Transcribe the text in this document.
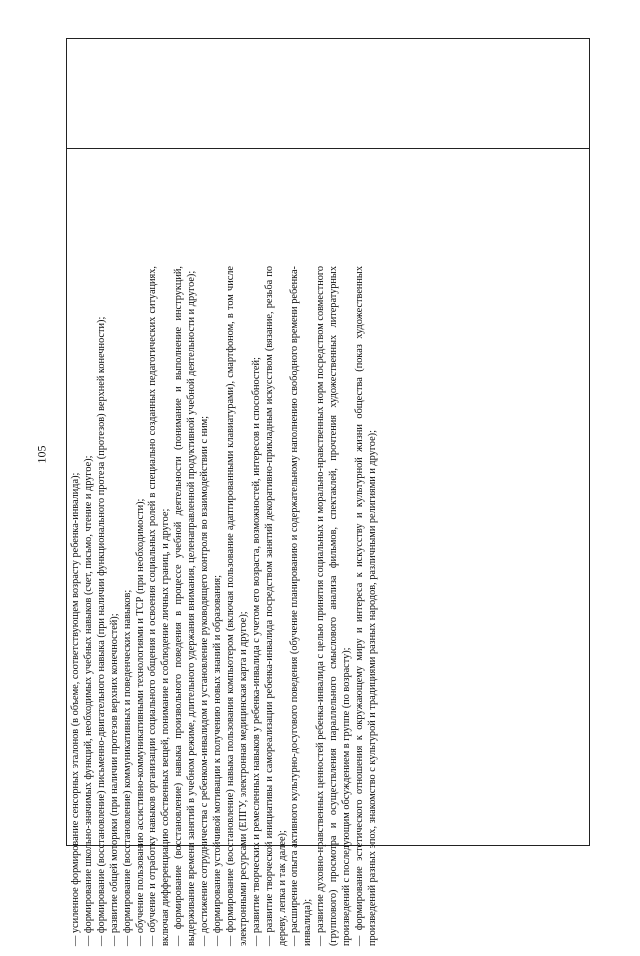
105

— усиленное формирование сенсорных эталонов (в объеме, соответствующем возрасту ребенка-инвалида); — формирование школьно-значимых функций, необходимых учебных навыков (счет, письмо, чтение и другое); — формирование (восстановление) письменно-двигательного навыка (при наличии функционального протеза (протезов) верхней конечности); — развитие общей моторики (при наличии протезов верхних конечностей); — формирование (восстановление) коммуникативных и поведенческих навыков; — обучение пользованию ассистивно-коммуникативными технологиями и ТСР (при необходимости); — обучение и отработку навыков организации социального общения и освоения социальных ролей в специально созданных педагогических ситуациях, включая дифференциацию собственных вещей, понимание и соблюдение личных границ, и другое; — формирование (восстановление) навыка произвольного поведения в процессе учебной деятельности (понимание и выполнение инструкций, выдерживание времени занятий в учебном режиме, длительного удержания внимания, целенаправленной продуктивной учебной деятельности и другое); — достижение сотрудничества с ребенком-инвалидом и установление руководящего контроля во взаимодействии с ним; — формирование устойчивой мотивации к получению новых знаний и образования; — формирование (восстановление) навыка пользования компьютером (включая пользование адаптированными клавиатурами), смартфоном, в том числе электронными ресурсами (ЕПГУ, электронная медицинская карта и другое); — развитие творческих и ремесленных навыков у ребенка-инвалида с учетом его возраста, возможностей, интересов и способностей; — развитие творческой инициативы и самореализации ребенка-инвалида посредством занятий декоративно-прикладным искусством (вязание, резьба по дереву, лепка и так далее); — расширение опыта активного культурно-досугового поведения (обучение планированию и содержательному наполнению свободного времени ребенка-инвалида); — развитие духовно-нравственных ценностей ребенка-инвалида с целью принятия социальных и морально-нравственных норм посредством совместного (группового) просмотра и осуществления параллельного смыслового анализа фильмов, спектаклей, прочтения художественных литературных произведений с последующим обсуждением в группе (по возрасту); — формирование эстетического отношения к окружающему миру и интереса к искусству и культурной жизни общества (показ художественных произведений разных эпох, знакомство с культурой и традициями разных народов, различными религиями и другое);
